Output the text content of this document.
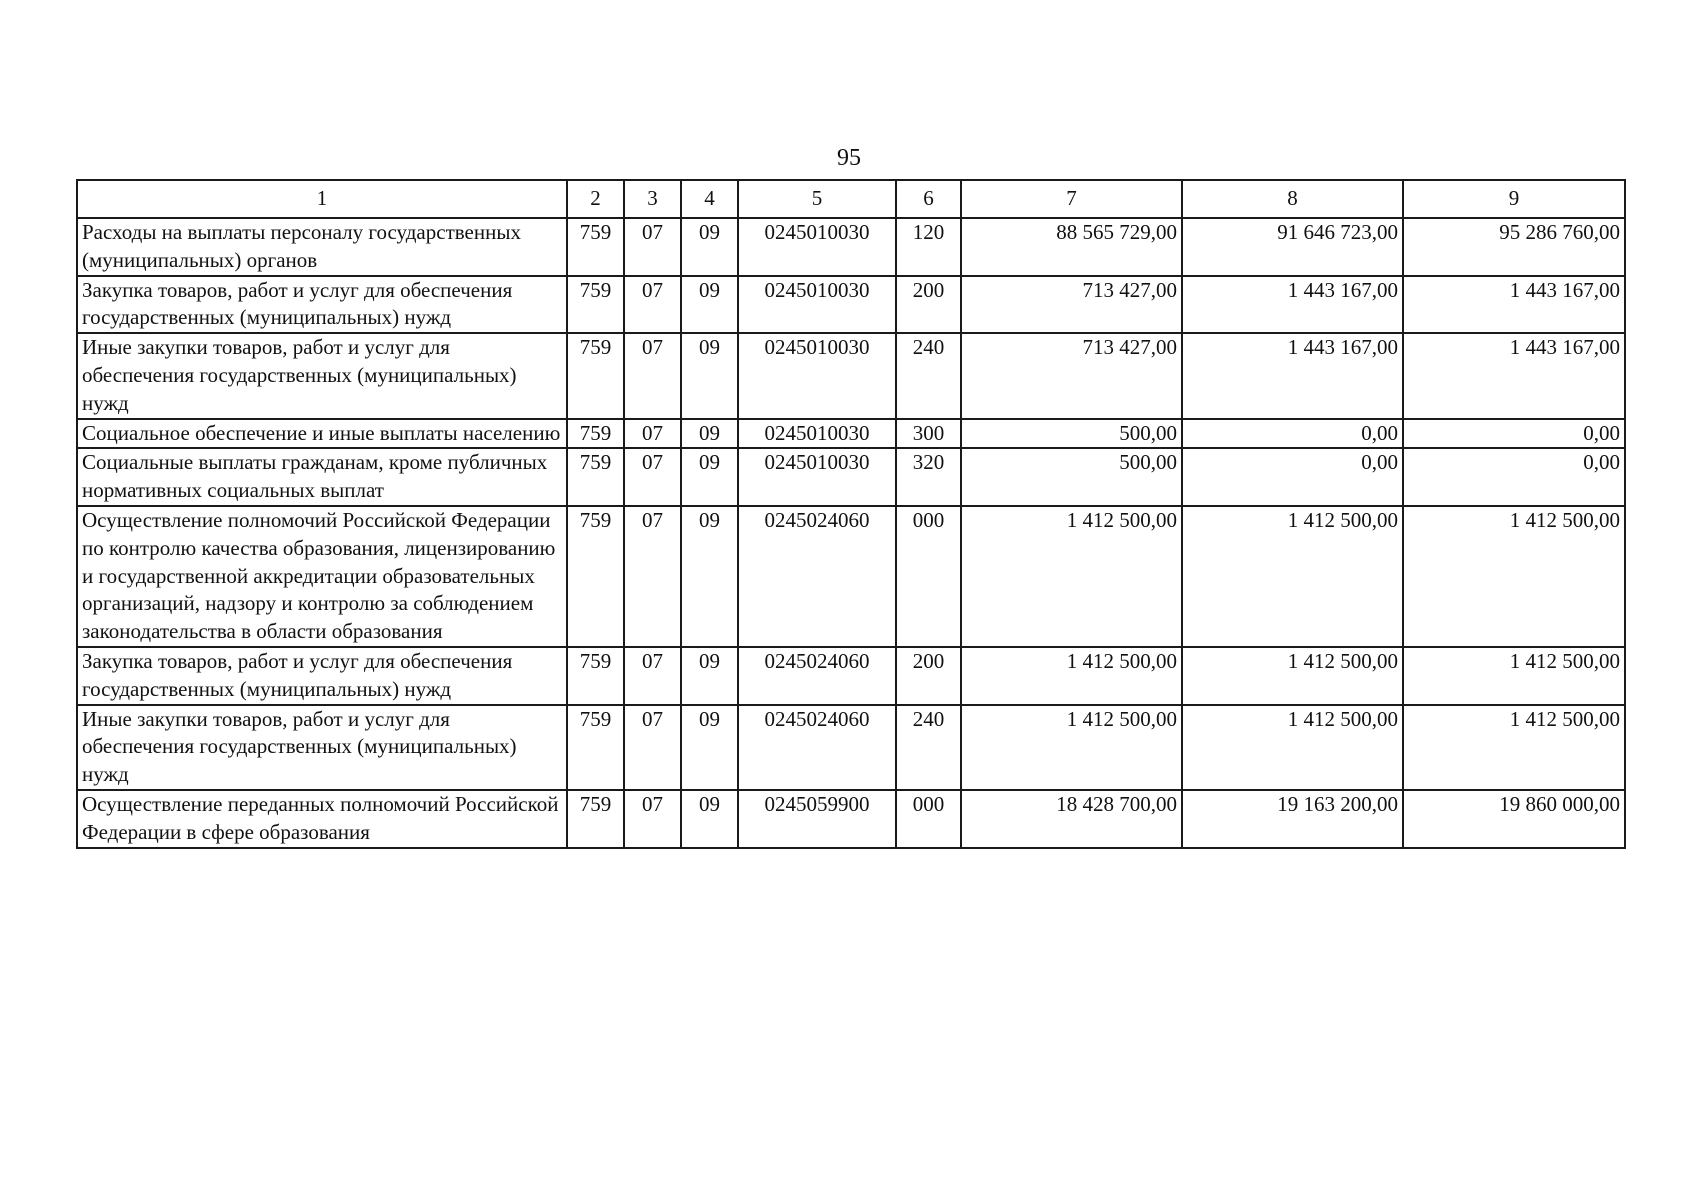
95
1	2	3	4	5	6	7	8	9
Расходы на выплаты персоналу государственных (муниципальных) органов	759	07	09	0245010030	120	88 565 729,00	91 646 723,00	95 286 760,00
Закупка товаров, работ и услуг для обеспечения государственных (муниципальных) нужд	759	07	09	0245010030	200	713 427,00	1 443 167,00	1 443 167,00
Иные закупки товаров, работ и услуг для обеспечения государственных (муниципальных) нужд	759	07	09	0245010030	240	713 427,00	1 443 167,00	1 443 167,00
Социальное обеспечение и иные выплаты населению	759	07	09	0245010030	300	500,00	0,00	0,00
Социальные выплаты гражданам, кроме публичных нормативных социальных выплат	759	07	09	0245010030	320	500,00	0,00	0,00
Осуществление полномочий Российской Федерации по контролю качества образования, лицензированию и государственной аккредитации образовательных организаций, надзору и контролю за соблюдением законодательства в области образования	759	07	09	0245024060	000	1 412 500,00	1 412 500,00	1 412 500,00
Закупка товаров, работ и услуг для обеспечения государственных (муниципальных) нужд	759	07	09	0245024060	200	1 412 500,00	1 412 500,00	1 412 500,00
Иные закупки товаров, работ и услуг для обеспечения государственных (муниципальных) нужд	759	07	09	0245024060	240	1 412 500,00	1 412 500,00	1 412 500,00
Осуществление переданных полномочий Российской Федерации в сфере образования	759	07	09	0245059900	000	18 428 700,00	19 163 200,00	19 860 000,00
